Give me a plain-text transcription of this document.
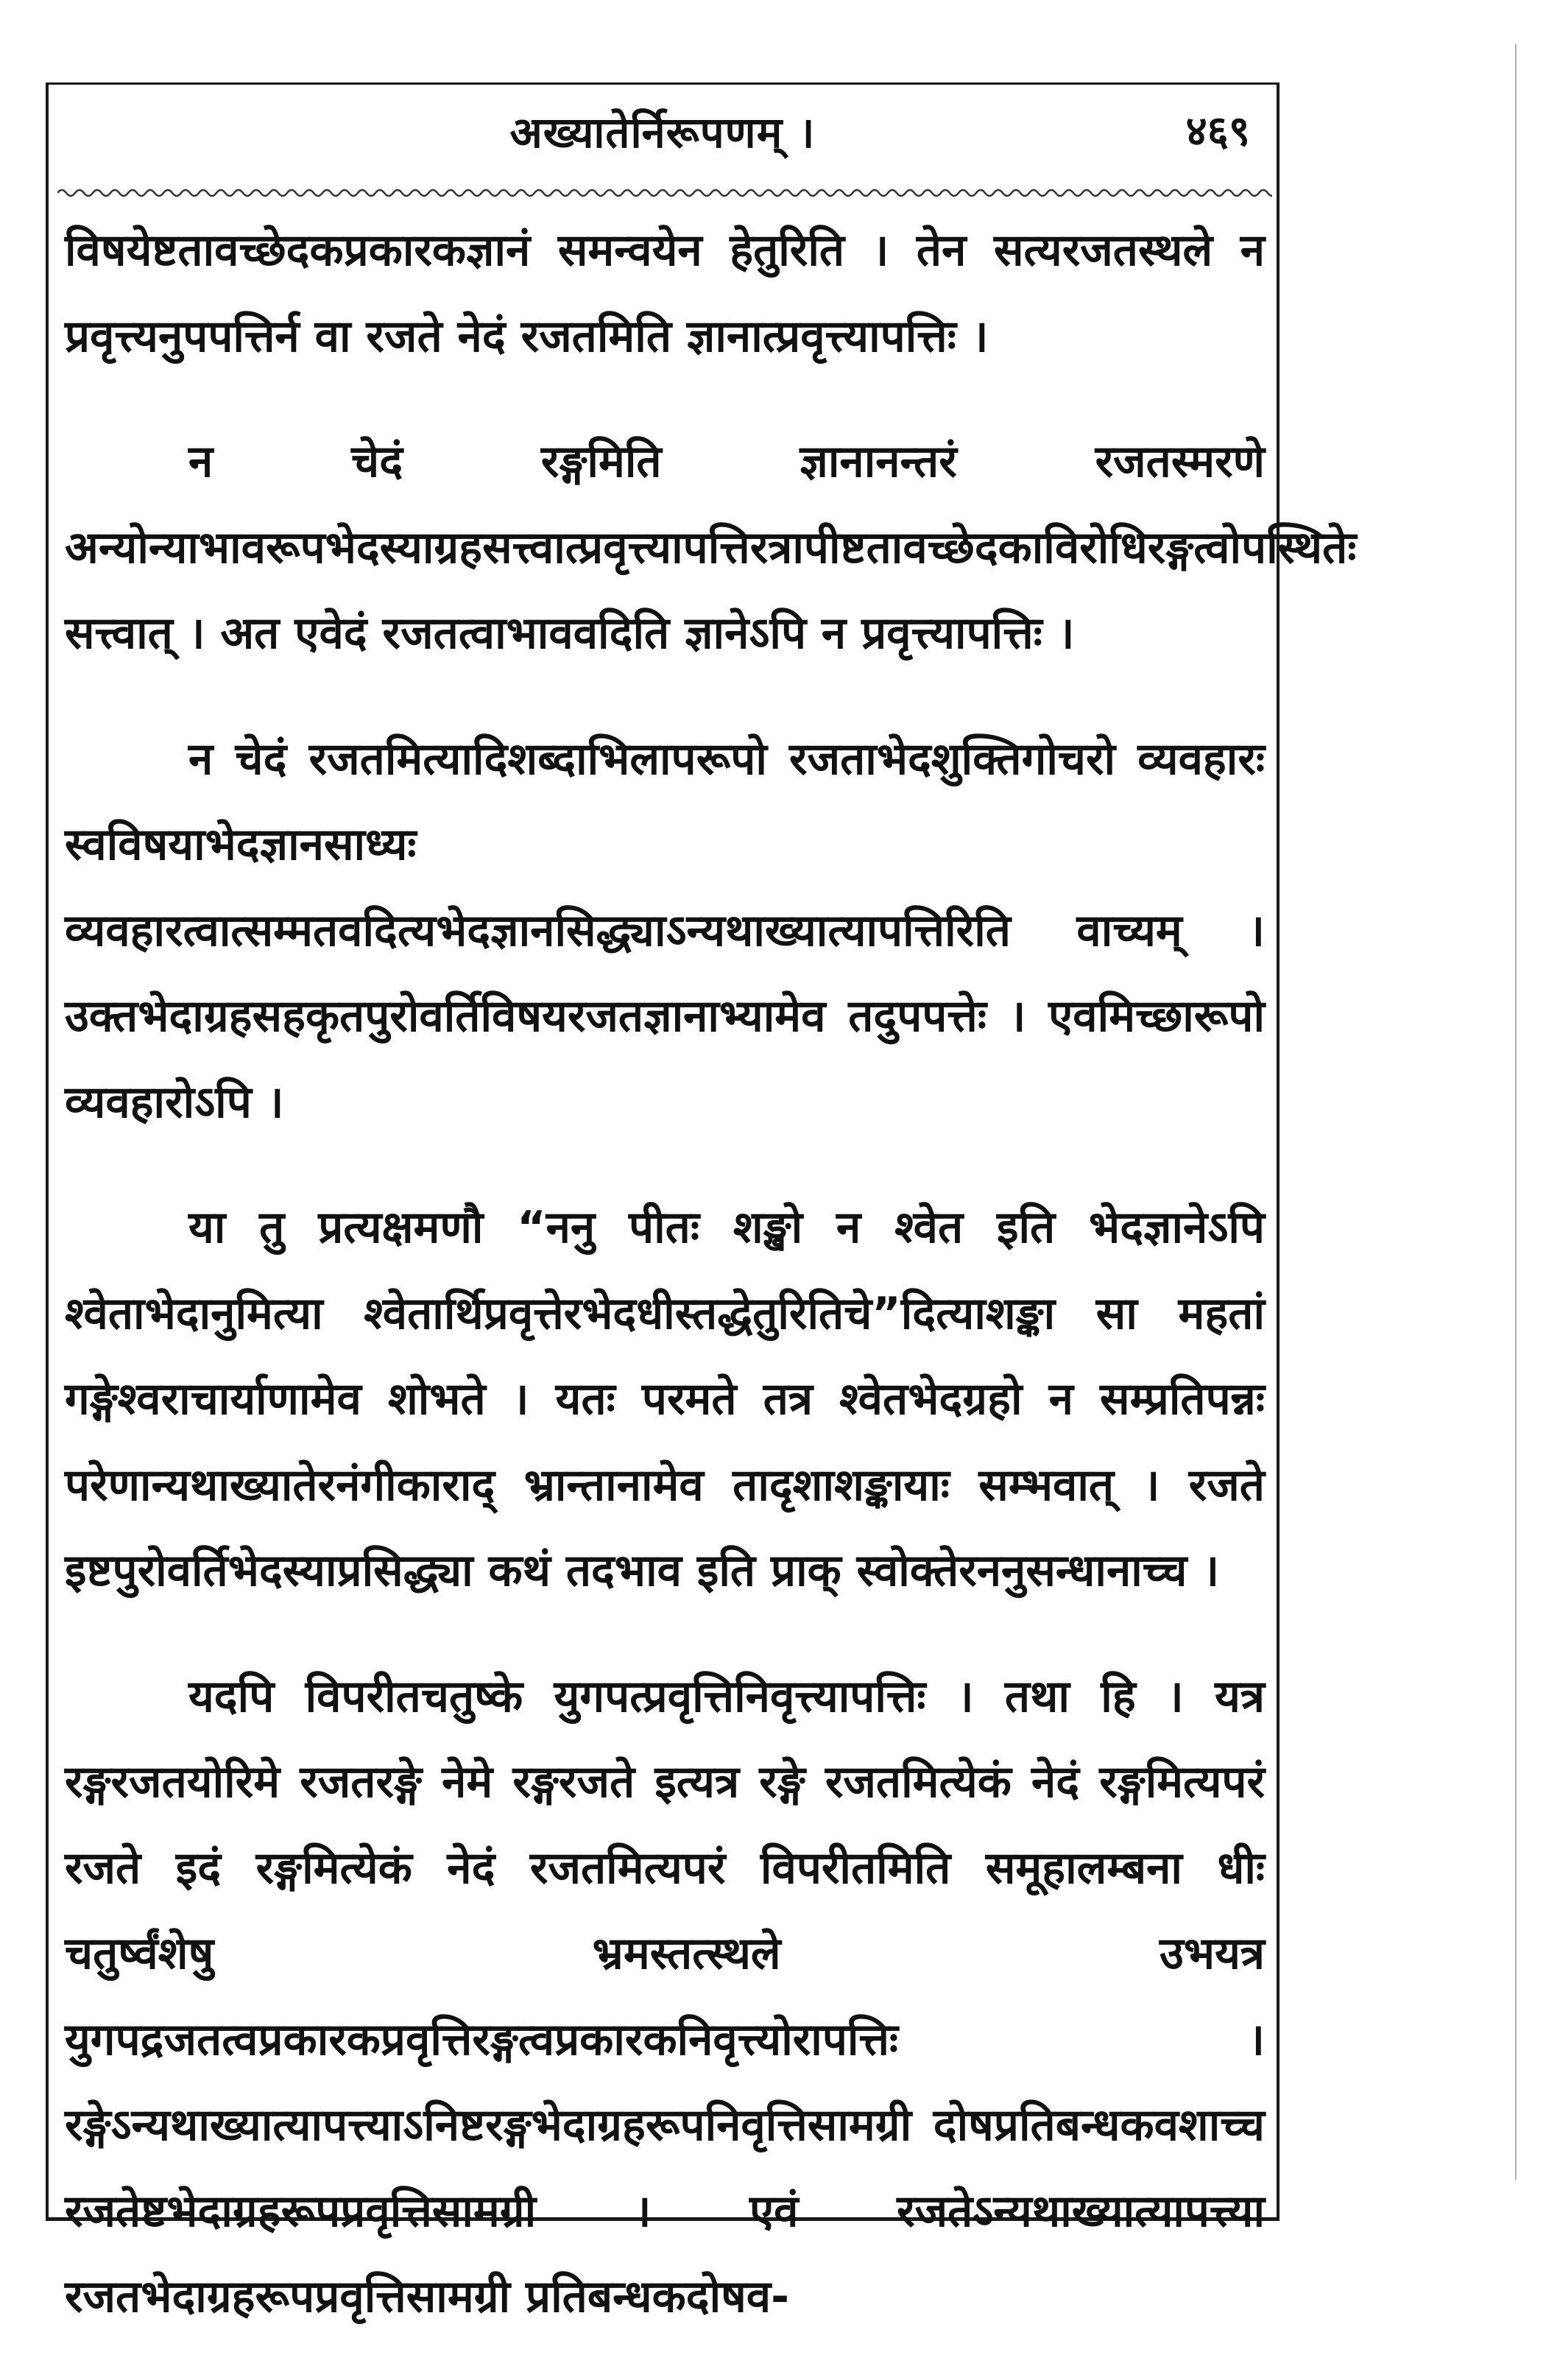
अख्यातेर्निरूपणम् ।	४६९

विषयेष्टतावच्छेदकप्रकारकज्ञानं समन्वयेन हेतुरिति । तेन सत्यरजतस्थले न प्रवृत्त्यनुपपत्तिर्न वा रजते नेदं रजतमिति ज्ञानात्प्रवृत्त्यापत्तिः ।

न चेदं रङ्गमिति ज्ञानानन्तरं रजतस्मरणे अन्योन्याभावरूपभेदस्याग्रहसत्त्वात्प्रवृत्त्यापत्तिरत्रापीष्टतावच्छेदकाविरोधिरङ्गत्वोपस्थितेः सत्त्वात् । अत एवेदं रजतत्वाभाववदिति ज्ञानेऽपि न प्रवृत्त्यापत्तिः ।

न चेदं रजतमित्यादिशब्दाभिलापरूपो रजताभेदशुक्तिगोचरो व्यवहारः स्वविषयाभेदज्ञानसाध्यः व्यवहारत्वात्सम्मतवदित्यभेदज्ञानसिद्ध्याऽन्यथाख्यात्यापत्तिरिति वाच्यम् । उक्तभेदाग्रहसहकृतपुरोवर्तिविषयरजतज्ञानाभ्यामेव तदुपपत्तेः । एवमिच्छारूपो व्यवहारोऽपि ।

या तु प्रत्यक्षमणौ “ननु पीतः शङ्खो न श्वेत इति भेदज्ञानेऽपि श्वेताभेदानुमित्या श्वेतार्थिप्रवृत्तेरभेदधीस्तद्धेतुरितिचे”दित्याशङ्का सा महतां गङ्गेश्वराचार्याणामेव शोभते । यतः परमते तत्र श्वेतभेदग्रहो न सम्प्रतिपन्नः परेणान्यथाख्यातेरनंगीकाराद् भ्रान्तानामेव तादृशाशङ्कायाः सम्भवात् । रजते इष्टपुरोवर्तिभेदस्याप्रसिद्ध्या कथं तदभाव इति प्राक् स्वोक्तेरननुसन्धानाच्च ।

यदपि विपरीतचतुष्के युगपत्प्रवृत्तिनिवृत्त्यापत्तिः । तथा हि । यत्र रङ्गरजतयोरिमे रजतरङ्गे नेमे रङ्गरजते इत्यत्र रङ्गे रजतमित्येकं नेदं रङ्गमित्यपरं रजते इदं रङ्गमित्येकं नेदं रजतमित्यपरं विपरीतमिति समूहालम्बना धीः चतुर्ष्वंशेषु भ्रमस्तत्स्थले उभयत्र युगपद्रजतत्वप्रकारकप्रवृत्तिरङ्गत्वप्रकारकनिवृत्त्योरापत्तिः । रङ्गेऽन्यथाख्यात्यापत्त्याऽनिष्टरङ्गभेदाग्रहरूपनिवृत्तिसामग्री दोषप्रतिबन्धकवशाच्च रजतेष्टभेदाग्रहरूपप्रवृत्तिसामग्री । एवं रजतेऽन्यथाख्यात्यापत्त्या रजतभेदाग्रहरूपप्रवृत्तिसामग्री प्रतिबन्धकदोषव-
